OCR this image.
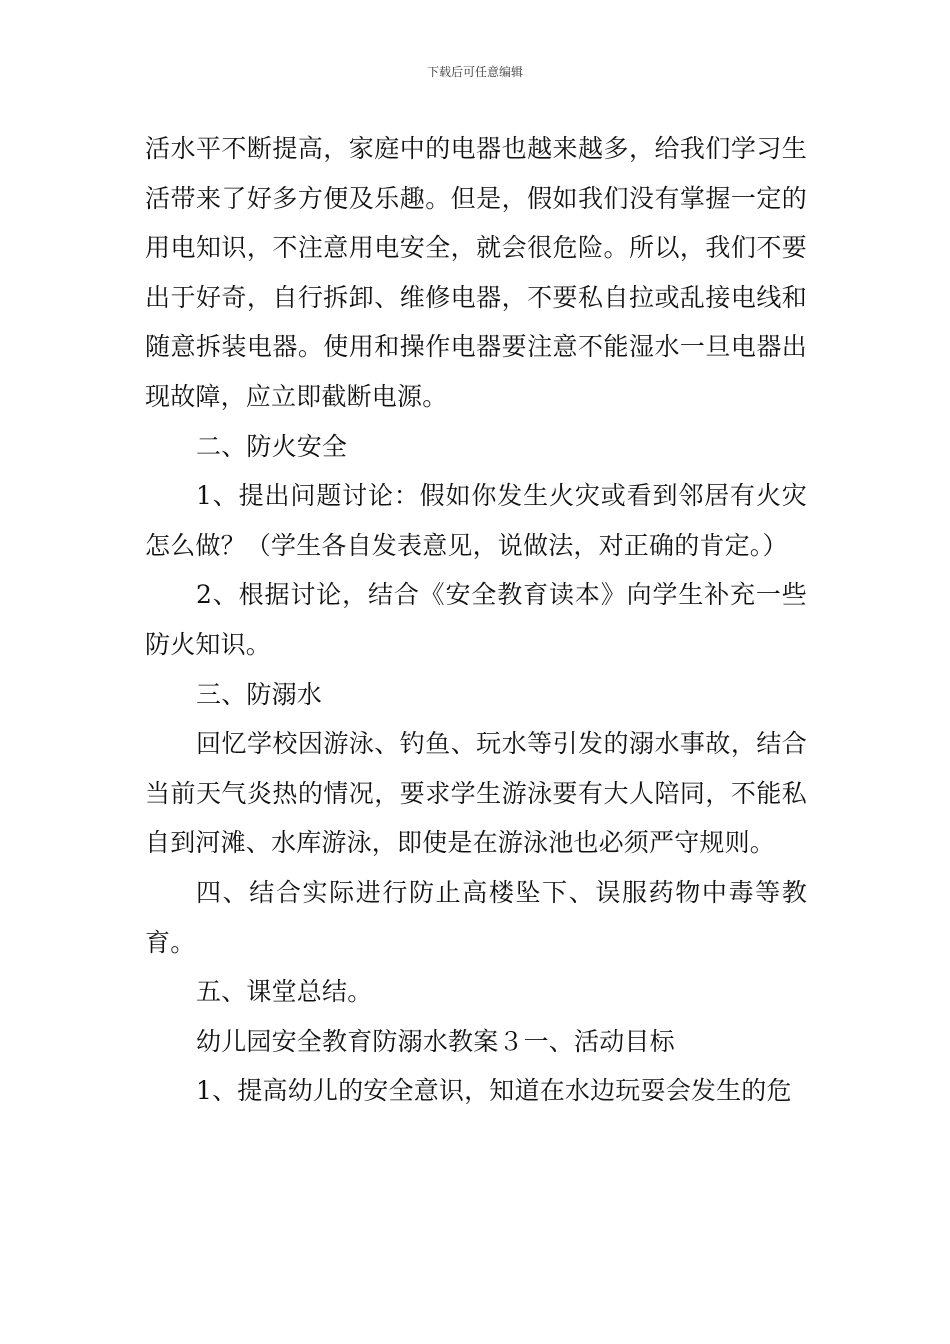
下载后可任意编辑

活水平不断提高，家庭中的电器也越来越多，给我们学习生活带来了好多方便及乐趣。但是，假如我们没有掌握一定的用电知识，不注意用电安全，就会很危险。所以，我们不要出于好奇，自行拆卸、维修电器，不要私自拉或乱接电线和随意拆装电器。使用和操作电器要注意不能湿水一旦电器出现故障，应立即截断电源。

二、防火安全

1、提出问题讨论：假如你发生火灾或看到邻居有火灾怎么做？（学生各自发表意见，说做法，对正确的肯定。）

2、根据讨论，结合《安全教育读本》向学生补充一些防火知识。

三、防溺水

回忆学校因游泳、钓鱼、玩水等引发的溺水事故，结合当前天气炎热的情况，要求学生游泳要有大人陪同，不能私自到河滩、水库游泳，即使是在游泳池也必须严守规则。

四、结合实际进行防止高楼坠下、误服药物中毒等教育。

五、课堂总结。

幼儿园安全教育防溺水教案３一、活动目标

1、提高幼儿的安全意识，知道在水边玩耍会发生的危
